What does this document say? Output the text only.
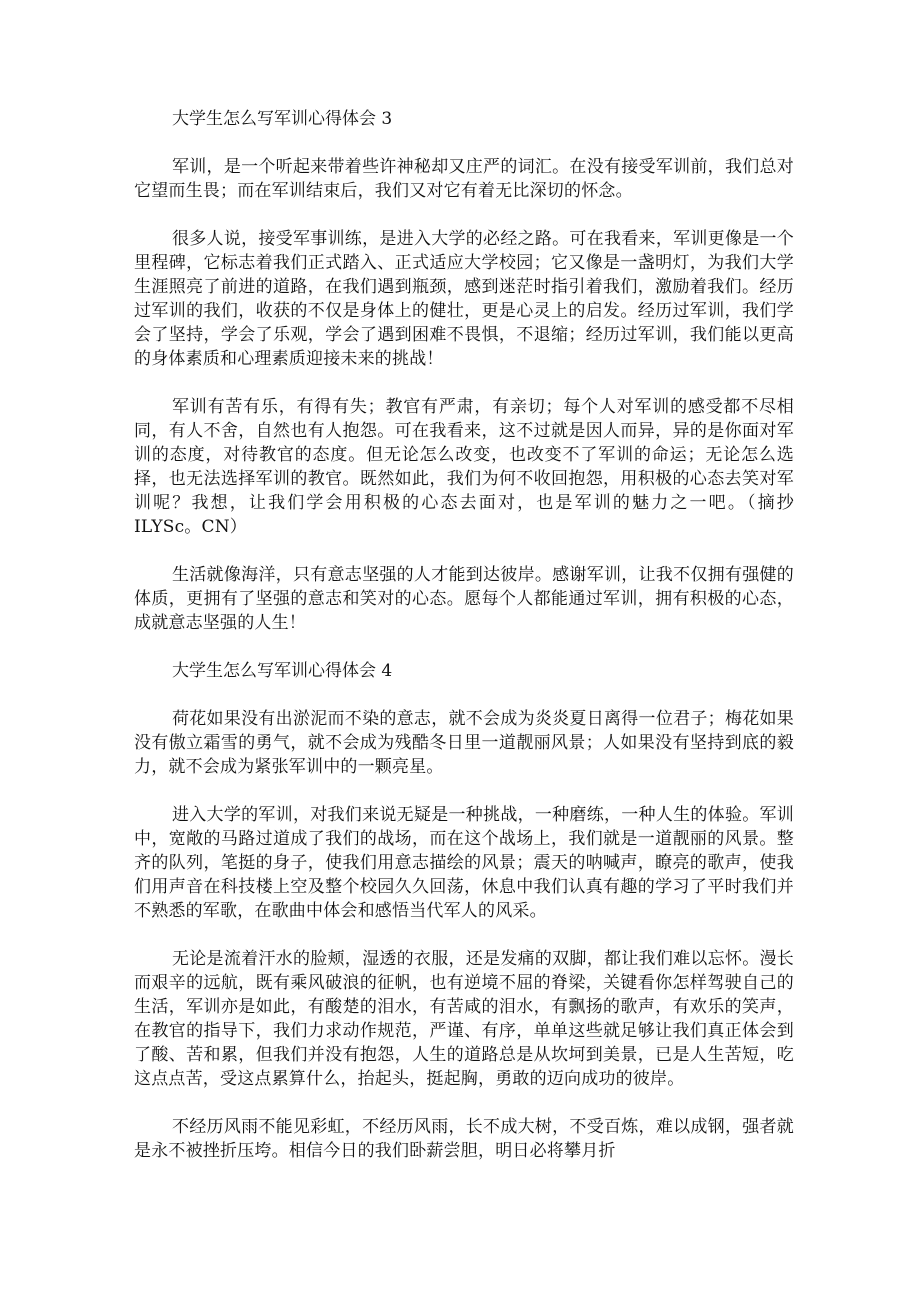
大学生怎么写军训心得体会 3

军训，是一个听起来带着些许神秘却又庄严的词汇。在没有接受军训前，我们总对它望而生畏；而在军训结束后，我们又对它有着无比深切的怀念。

很多人说，接受军事训练，是进入大学的必经之路。可在我看来，军训更像是一个里程碑，它标志着我们正式踏入、正式适应大学校园；它又像是一盏明灯，为我们大学生涯照亮了前进的道路，在我们遇到瓶颈，感到迷茫时指引着我们，激励着我们。经历过军训的我们，收获的不仅是身体上的健壮，更是心灵上的启发。经历过军训，我们学会了坚持，学会了乐观，学会了遇到困难不畏惧，不退缩；经历过军训，我们能以更高的身体素质和心理素质迎接未来的挑战！

军训有苦有乐，有得有失；教官有严肃，有亲切；每个人对军训的感受都不尽相同，有人不舍，自然也有人抱怨。可在我看来，这不过就是因人而异，异的是你面对军训的态度，对待教官的态度。但无论怎么改变，也改变不了军训的命运；无论怎么选择，也无法选择军训的教官。既然如此，我们为何不收回抱怨，用积极的心态去笑对军训呢？我想，让我们学会用积极的心态去面对，也是军训的魅力之一吧。（摘抄 ILYSc。CN）

生活就像海洋，只有意志坚强的人才能到达彼岸。感谢军训，让我不仅拥有强健的体质，更拥有了坚强的意志和笑对的心态。愿每个人都能通过军训，拥有积极的心态，成就意志坚强的人生！

大学生怎么写军训心得体会 4

荷花如果没有出淤泥而不染的意志，就不会成为炎炎夏日离得一位君子；梅花如果没有傲立霜雪的勇气，就不会成为残酷冬日里一道靓丽风景；人如果没有坚持到底的毅力，就不会成为紧张军训中的一颗亮星。

进入大学的军训，对我们来说无疑是一种挑战，一种磨练，一种人生的体验。军训中，宽敞的马路过道成了我们的战场，而在这个战场上，我们就是一道靓丽的风景。整齐的队列，笔挺的身子，使我们用意志描绘的风景；震天的呐喊声，瞭亮的歌声，使我们用声音在科技楼上空及整个校园久久回荡，休息中我们认真有趣的学习了平时我们并不熟悉的军歌，在歌曲中体会和感悟当代军人的风采。

无论是流着汗水的脸颊，湿透的衣服，还是发痛的双脚，都让我们难以忘怀。漫长而艰辛的远航，既有乘风破浪的征帆，也有逆境不屈的脊梁，关键看你怎样驾驶自己的生活，军训亦是如此，有酸楚的泪水，有苦咸的泪水，有飘扬的歌声，有欢乐的笑声，在教官的指导下，我们力求动作规范，严谨、有序，单单这些就足够让我们真正体会到了酸、苦和累，但我们并没有抱怨，人生的道路总是从坎坷到美景，已是人生苦短，吃这点点苦，受这点累算什么，抬起头，挺起胸，勇敢的迈向成功的彼岸。

不经历风雨不能见彩虹，不经历风雨，长不成大树，不受百炼，难以成钢，强者就是永不被挫折压垮。相信今日的我们卧薪尝胆，明日必将攀月折
